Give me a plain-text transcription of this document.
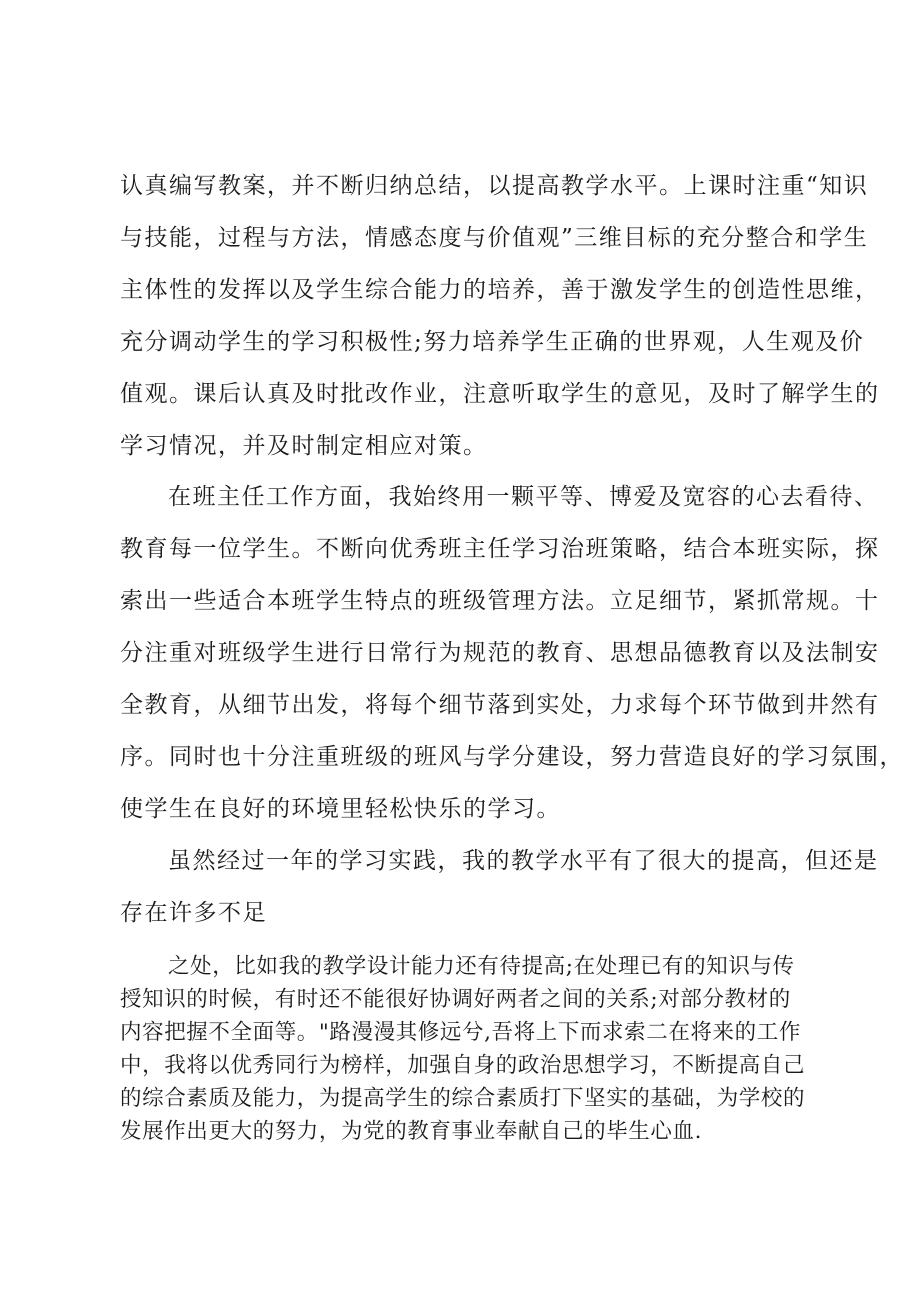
认真编写教案，并不断归纳总结，以提高教学水平。上课时注重“知识

与技能，过程与方法，情感态度与价值观”三维目标的充分整合和学生

主体性的发挥以及学生综合能力的培养，善于激发学生的创造性思维，

充分调动学生的学习积极性;努力培养学生正确的世界观，人生观及价

值观。课后认真及时批改作业，注意听取学生的意见，及时了解学生的

学习情况，并及时制定相应对策。

在班主任工作方面，我始终用一颗平等、博爱及宽容的心去看待、

教育每一位学生。不断向优秀班主任学习治班策略，结合本班实际，探

索出一些适合本班学生特点的班级管理方法。立足细节，紧抓常规。十

分注重对班级学生进行日常行为规范的教育、思想品德教育以及法制安

全教育，从细节出发，将每个细节落到实处，力求每个环节做到井然有

序。同时也十分注重班级的班风与学分建设，努力营造良好的学习氛围，

使学生在良好的环境里轻松快乐的学习。

虽然经过一年的学习实践，我的教学水平有了很大的提高，但还是

存在许多不足

之处，比如我的教学设计能力还有待提高;在处理已有的知识与传

授知识的时候，有时还不能很好协调好两者之间的关系;对部分教材的

内容把握不全面等。"路漫漫其修远兮,吾将上下而求索二在将来的工作

中，我将以优秀同行为榜样，加强自身的政治思想学习，不断提高自己

的综合素质及能力，为提高学生的综合素质打下坚实的基础，为学校的

发展作出更大的努力，为党的教育事业奉献自己的毕生心血.
